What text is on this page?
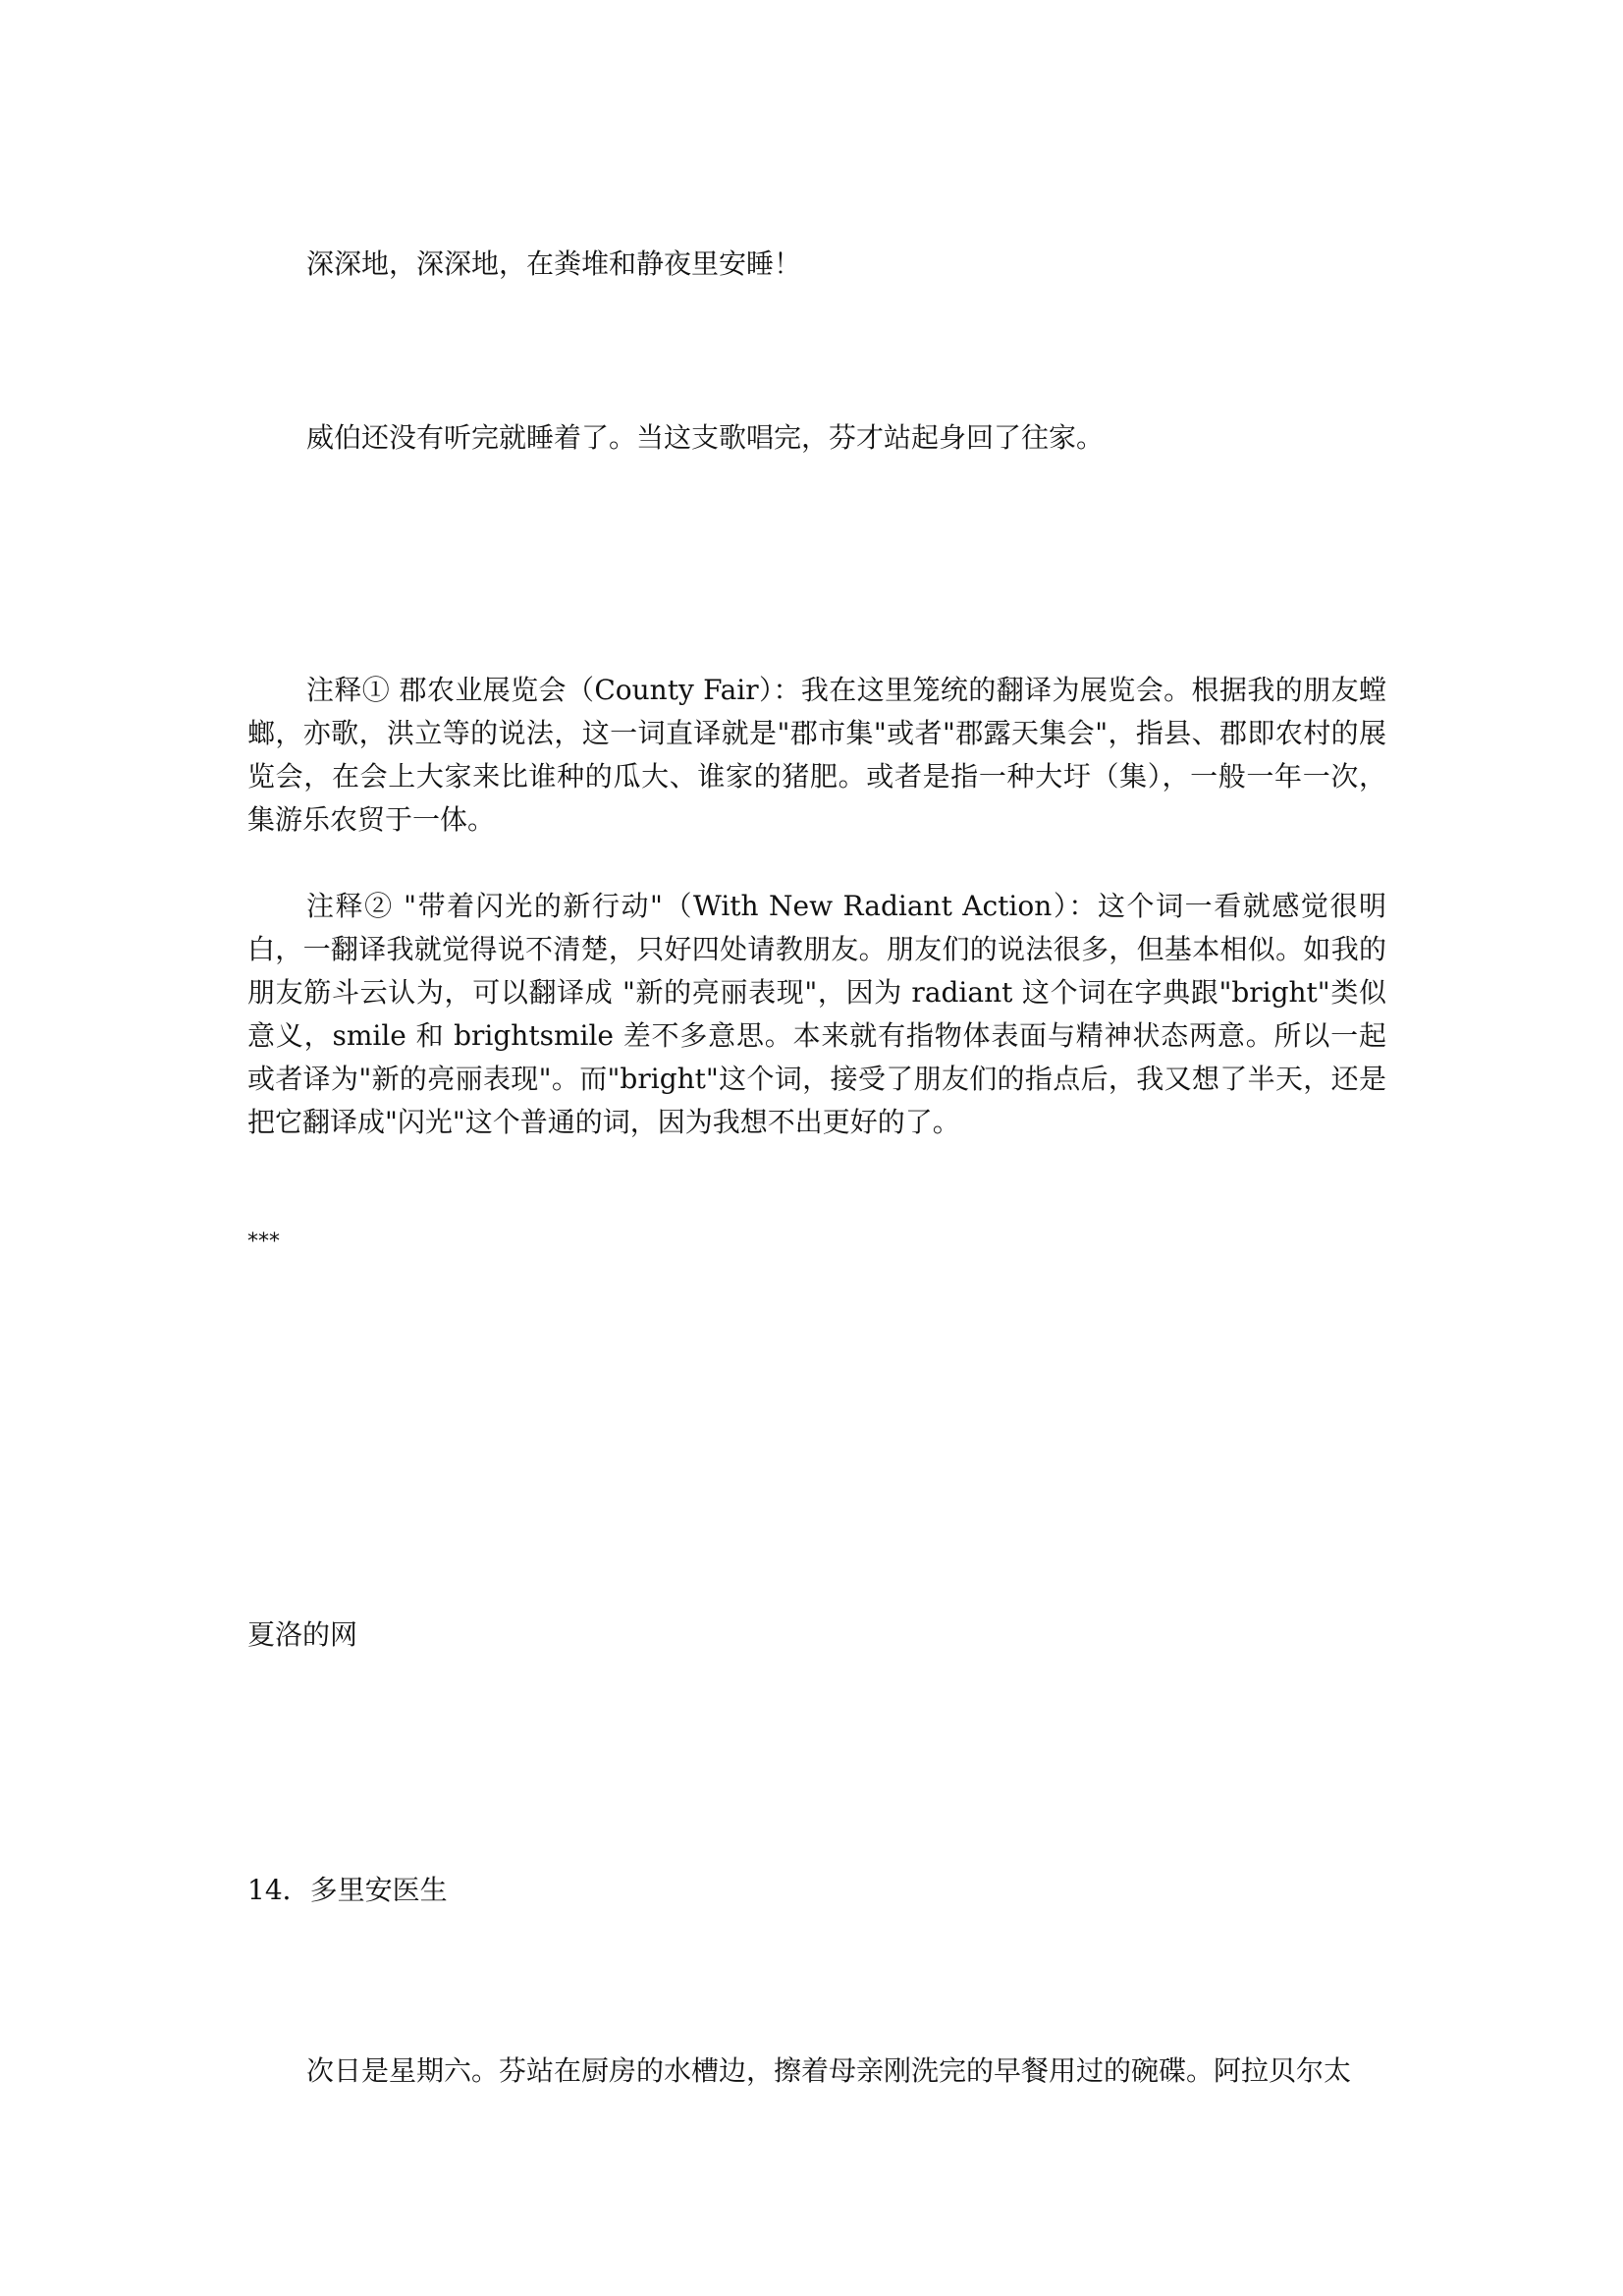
深深地，深深地，在粪堆和静夜里安睡！

威伯还没有听完就睡着了。当这支歌唱完，芬才站起身回了往家。

注释① 郡农业展览会（County Fair）：我在这里笼统的翻译为展览会。根据我的朋友螳螂，亦歌，洪立等的说法，这一词直译就是"郡市集"或者"郡露天集会"，指县、郡即农村的展览会，在会上大家来比谁种的瓜大、谁家的猪肥。或者是指一种大圩（集），一般一年一次，集游乐农贸于一体。

注释② "带着闪光的新行动"（With New Radiant Action）：这个词一看就感觉很明白，一翻译我就觉得说不清楚，只好四处请教朋友。朋友们的说法很多，但基本相似。如我的朋友筋斗云认为，可以翻译成 "新的亮丽表现"，因为 radiant 这个词在字典跟"bright"类似意义，smile 和 brightsmile 差不多意思。本来就有指物体表面与精神状态两意。所以一起或者译为"新的亮丽表现"。而"bright"这个词，接受了朋友们的指点后，我又想了半天，还是把它翻译成"闪光"这个普通的词，因为我想不出更好的了。

***

夏洛的网

14．多里安医生

次日是星期六。芬站在厨房的水槽边，擦着母亲刚洗完的早餐用过的碗碟。阿拉贝尔太
